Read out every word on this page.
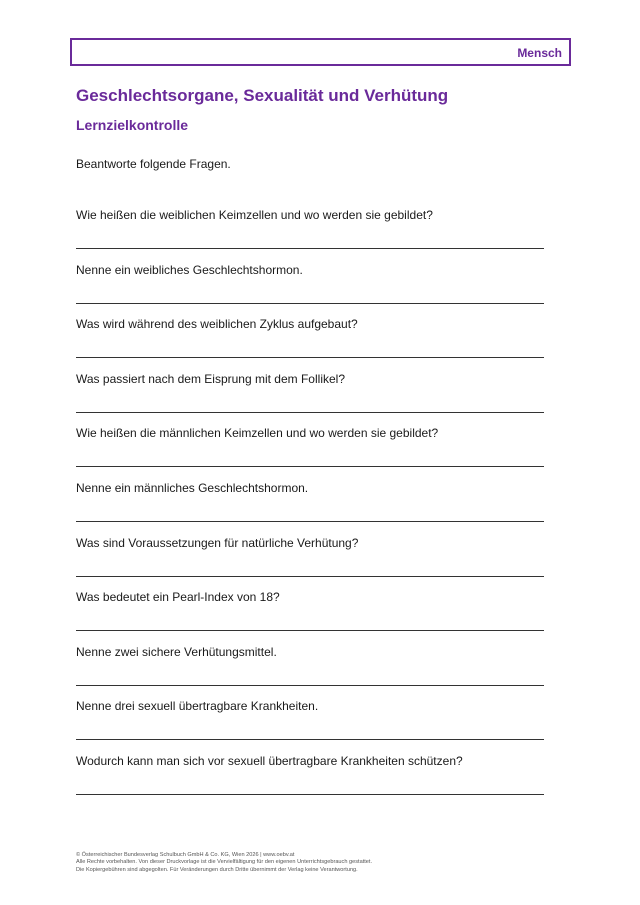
Mensch
Geschlechtsorgane, Sexualität und Verhütung
Lernzielkontrolle

Beantworte folgende Fragen.

Wie heißen die weiblichen Keimzellen und wo werden sie gebildet?

Nenne ein weibliches Geschlechtshormon.

Was wird während des weiblichen Zyklus aufgebaut?

Was passiert nach dem Eisprung mit dem Follikel?

Wie heißen die männlichen Keimzellen und wo werden sie gebildet?

Nenne ein männliches Geschlechtshormon.

Was sind Voraussetzungen für natürliche Verhütung?

Was bedeutet ein Pearl-Index von 18?

Nenne zwei sichere Verhütungsmittel.

Nenne drei sexuell übertragbare Krankheiten.

Wodurch kann man sich vor sexuell übertragbare Krankheiten schützen?

© Österreichischer Bundesverlag Schulbuch GmbH & Co. KG, Wien 2026 | www.oebv.at
Alle Rechte vorbehalten. Von dieser Druckvorlage ist die Vervielfältigung für den eigenen Unterrichtsgebrauch gestattet.
Die Kopiergebühren sind abgegolten. Für Veränderungen durch Dritte übernimmt der Verlag keine Verantwortung.
